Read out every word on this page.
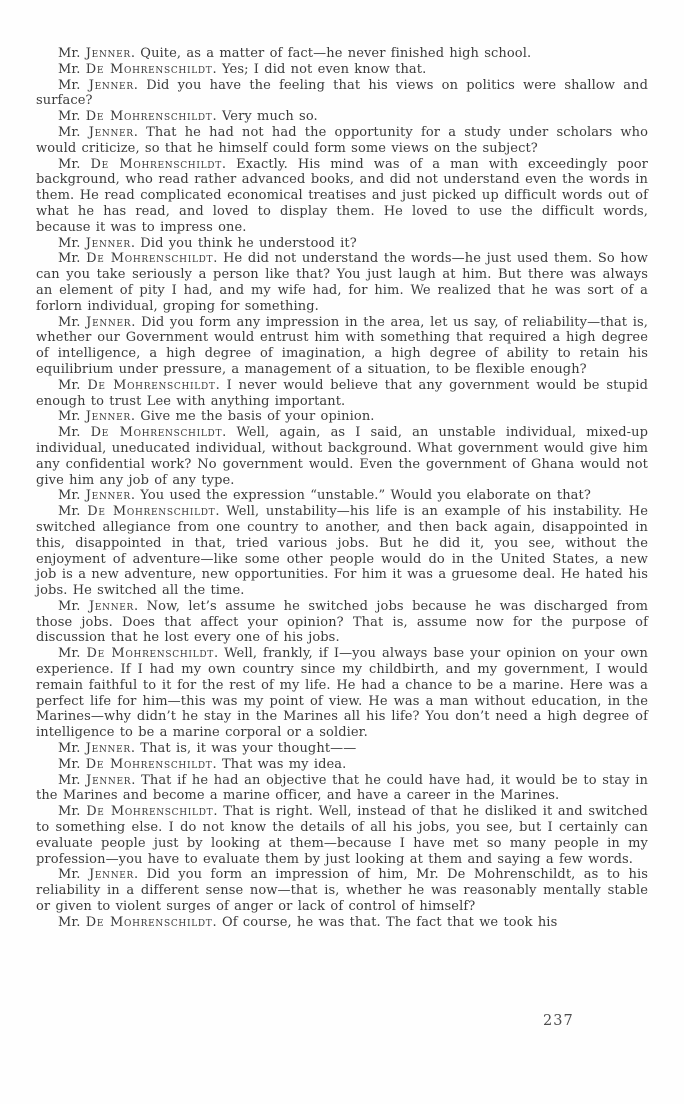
Mr. Jenner. Quite, as a matter of fact—he never finished high school.

Mr. De Mohrenschildt. Yes; I did not even know that.

Mr. Jenner. Did you have the feeling that his views on politics were shallow and surface?

Mr. De Mohrenschildt. Very much so.

Mr. Jenner. That he had not had the opportunity for a study under scholars who would criticize, so that he himself could form some views on the subject?

Mr. De Mohrenschildt. Exactly. His mind was of a man with exceedingly poor background, who read rather advanced books, and did not understand even the words in them. He read complicated economical treatises and just picked up difficult words out of what he has read, and loved to display them. He loved to use the difficult words, because it was to impress one.

Mr. Jenner. Did you think he understood it?

Mr. De Mohrenschildt. He did not understand the words—he just used them. So how can you take seriously a person like that? You just laugh at him. But there was always an element of pity I had, and my wife had, for him. We realized that he was sort of a forlorn individual, groping for something.

Mr. Jenner. Did you form any impression in the area, let us say, of reliability—that is, whether our Government would entrust him with something that required a high degree of intelligence, a high degree of imagination, a high degree of ability to retain his equilibrium under pressure, a management of a situation, to be flexible enough?

Mr. De Mohrenschildt. I never would believe that any government would be stupid enough to trust Lee with anything important.

Mr. Jenner. Give me the basis of your opinion.

Mr. De Mohrenschildt. Well, again, as I said, an unstable individual, mixed-up individual, uneducated individual, without background. What government would give him any confidential work? No government would. Even the government of Ghana would not give him any job of any type.

Mr. Jenner. You used the expression “unstable.” Would you elaborate on that?

Mr. De Mohrenschildt. Well, unstability—his life is an example of his instability. He switched allegiance from one country to another, and then back again, disappointed in this, disappointed in that, tried various jobs. But he did it, you see, without the enjoyment of adventure—like some other people would do in the United States, a new job is a new adventure, new opportunities. For him it was a gruesome deal. He hated his jobs. He switched all the time.

Mr. Jenner. Now, let’s assume he switched jobs because he was discharged from those jobs. Does that affect your opinion? That is, assume now for the purpose of discussion that he lost every one of his jobs.

Mr. De Mohrenschildt. Well, frankly, if I—you always base your opinion on your own experience. If I had my own country since my childbirth, and my government, I would remain faithful to it for the rest of my life. He had a chance to be a marine. Here was a perfect life for him—this was my point of view. He was a man without education, in the Marines—why didn’t he stay in the Marines all his life? You don’t need a high degree of intelligence to be a marine corporal or a soldier.

Mr. Jenner. That is, it was your thought——

Mr. De Mohrenschildt. That was my idea.

Mr. Jenner. That if he had an objective that he could have had, it would be to stay in the Marines and become a marine officer, and have a career in the Marines.

Mr. De Mohrenschildt. That is right. Well, instead of that he disliked it and switched to something else. I do not know the details of all his jobs, you see, but I certainly can evaluate people just by looking at them—because I have met so many people in my profession—you have to evaluate them by just looking at them and saying a few words.

Mr. Jenner. Did you form an impression of him, Mr. De Mohrenschildt, as to his reliability in a different sense now—that is, whether he was reasonably mentally stable or given to violent surges of anger or lack of control of himself?

Mr. De Mohrenschildt. Of course, he was that. The fact that we took his

237
